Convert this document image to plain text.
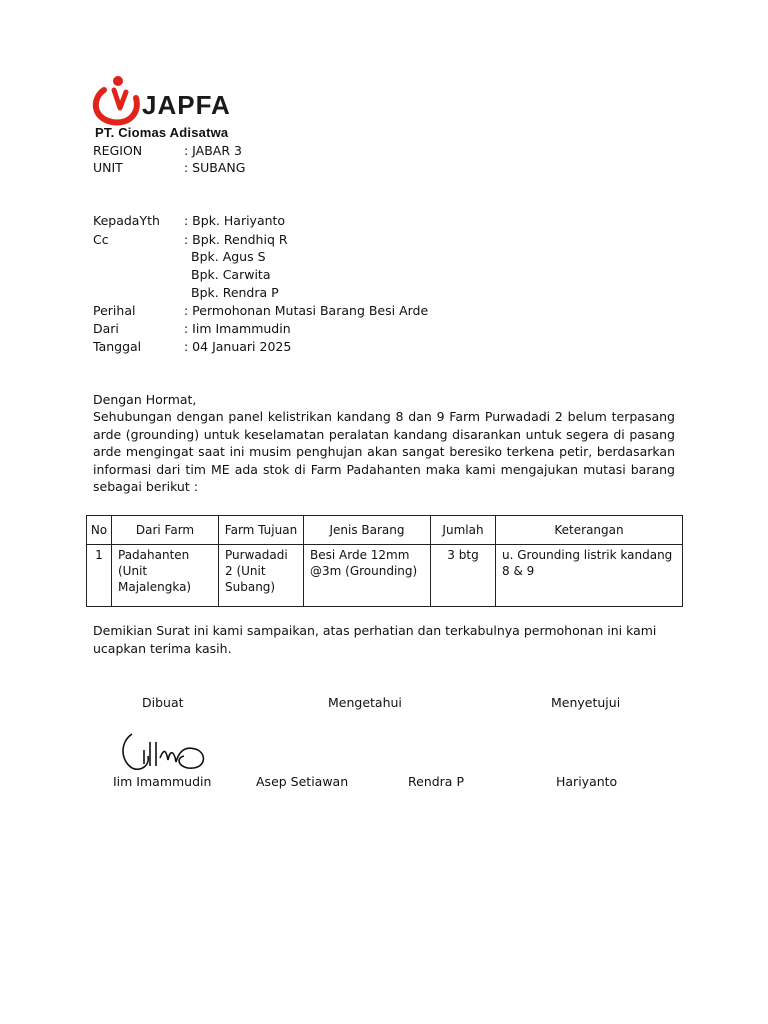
JAPFA
PT. Ciomas Adisatwa
REGION	: JABAR 3
UNIT	: SUBANG
KepadaYth : Bpk. Hariyanto
Cc	: Bpk. Rendhiq R
Bpk. Agus S
Bpk. Carwita
Bpk. Rendra P
Perihal	: Permohonan Mutasi Barang Besi Arde
Dari	: Iim Imammudin
Tanggal	: 04 Januari 2025
Dengan Hormat,
Sehubungan dengan panel kelistrikan kandang 8 dan 9 Farm Purwadadi 2 belum terpasang arde (grounding) untuk keselamatan peralatan kandang disarankan untuk segera di pasang arde mengingat saat ini musim penghujan akan sangat beresiko terkena petir, berdasarkan informasi dari tim ME ada stok di Farm Padahanten maka kami mengajukan mutasi barang sebagai berikut :
No	Dari Farm	Farm Tujuan	Jenis Barang	Jumlah	Keterangan
1	Padahanten (Unit Majalengka)	Purwadadi 2 (Unit Subang)	Besi Arde 12mm @3m (Grounding)	3 btg	u. Grounding listrik kandang 8 & 9
Demikian Surat ini kami sampaikan, atas perhatian dan terkabulnya permohonan ini kami ucapkan terima kasih.
Dibuat	Mengetahui	Menyetujui
Iim Imammudin	Asep Setiawan	Rendra P	Hariyanto
